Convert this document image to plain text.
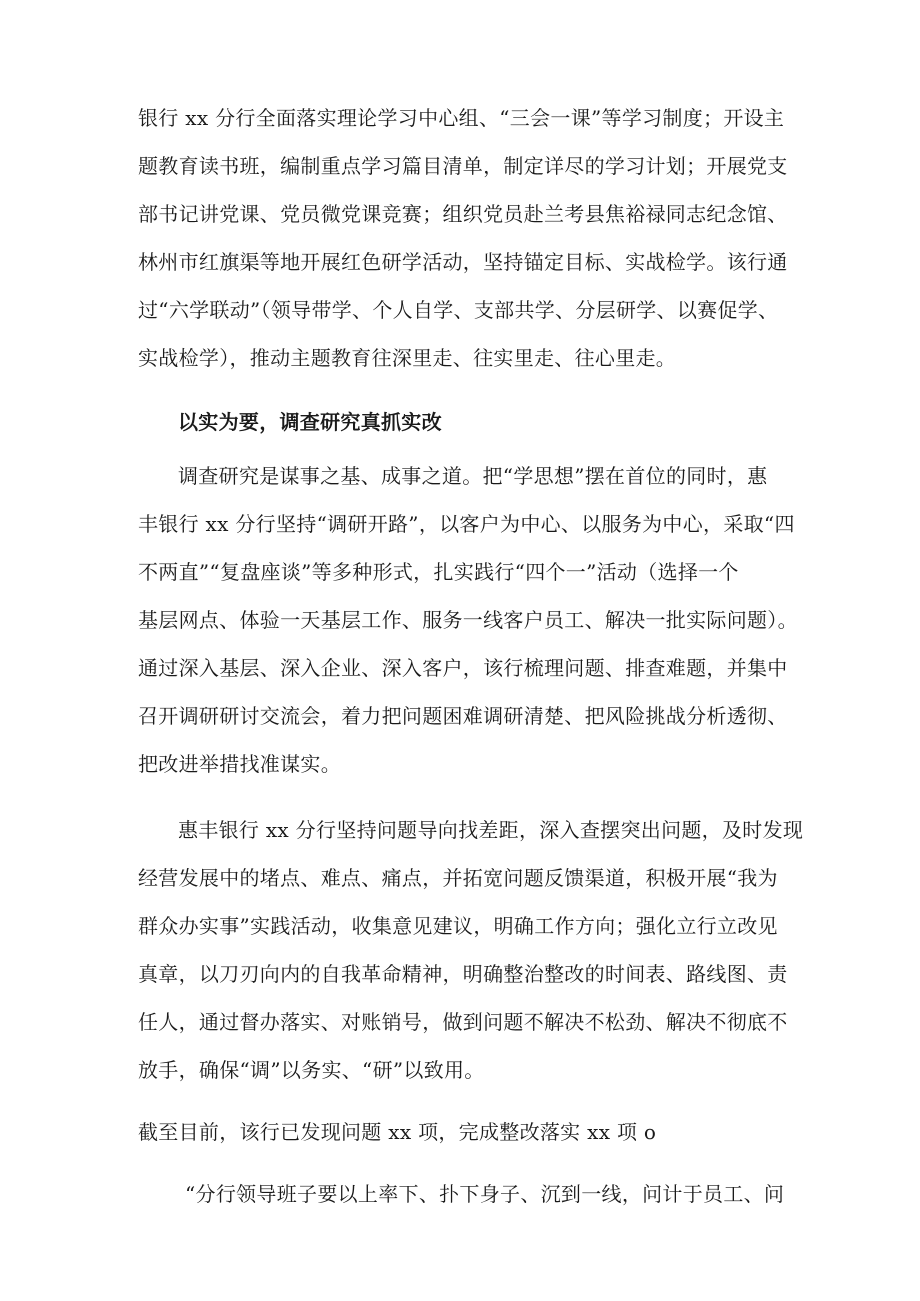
银行 xx 分行全面落实理论学习中心组、“三会一课”等学习制度；开设主
题教育读书班，编制重点学习篇目清单，制定详尽的学习计划；开展党支
部书记讲党课、党员微党课竞赛；组织党员赴兰考县焦裕禄同志纪念馆、
林州市红旗渠等地开展红色研学活动，坚持锚定目标、实战检学。该行通
过“六学联动”（领导带学、个人自学、支部共学、分层研学、以赛促学、
实战检学），推动主题教育往深里走、往实里走、往心里走。
以实为要，调查研究真抓实改
调查研究是谋事之基、成事之道。把“学思想”摆在首位的同时，惠
丰银行 xx 分行坚持“调研开路”，以客户为中心、以服务为中心，采取“四
不两直”“复盘座谈”等多种形式，扎实践行“四个一”活动（选择一个
基层网点、体验一天基层工作、服务一线客户员工、解决一批实际问题）。
通过深入基层、深入企业、深入客户，该行梳理问题、排查难题，并集中
召开调研研讨交流会，着力把问题困难调研清楚、把风险挑战分析透彻、
把改进举措找准谋实。
惠丰银行 xx 分行坚持问题导向找差距，深入查摆突出问题，及时发现
经营发展中的堵点、难点、痛点，并拓宽问题反馈渠道，积极开展“我为
群众办实事”实践活动，收集意见建议，明确工作方向；强化立行立改见
真章，以刀刃向内的自我革命精神，明确整治整改的时间表、路线图、责
任人，通过督办落实、对账销号，做到问题不解决不松劲、解决不彻底不
放手，确保“调”以务实、“研”以致用。
截至目前，该行已发现问题 xx 项，完成整改落实 xx 项 o
“分行领导班子要以上率下、扑下身子、沉到一线，问计于员工、问
